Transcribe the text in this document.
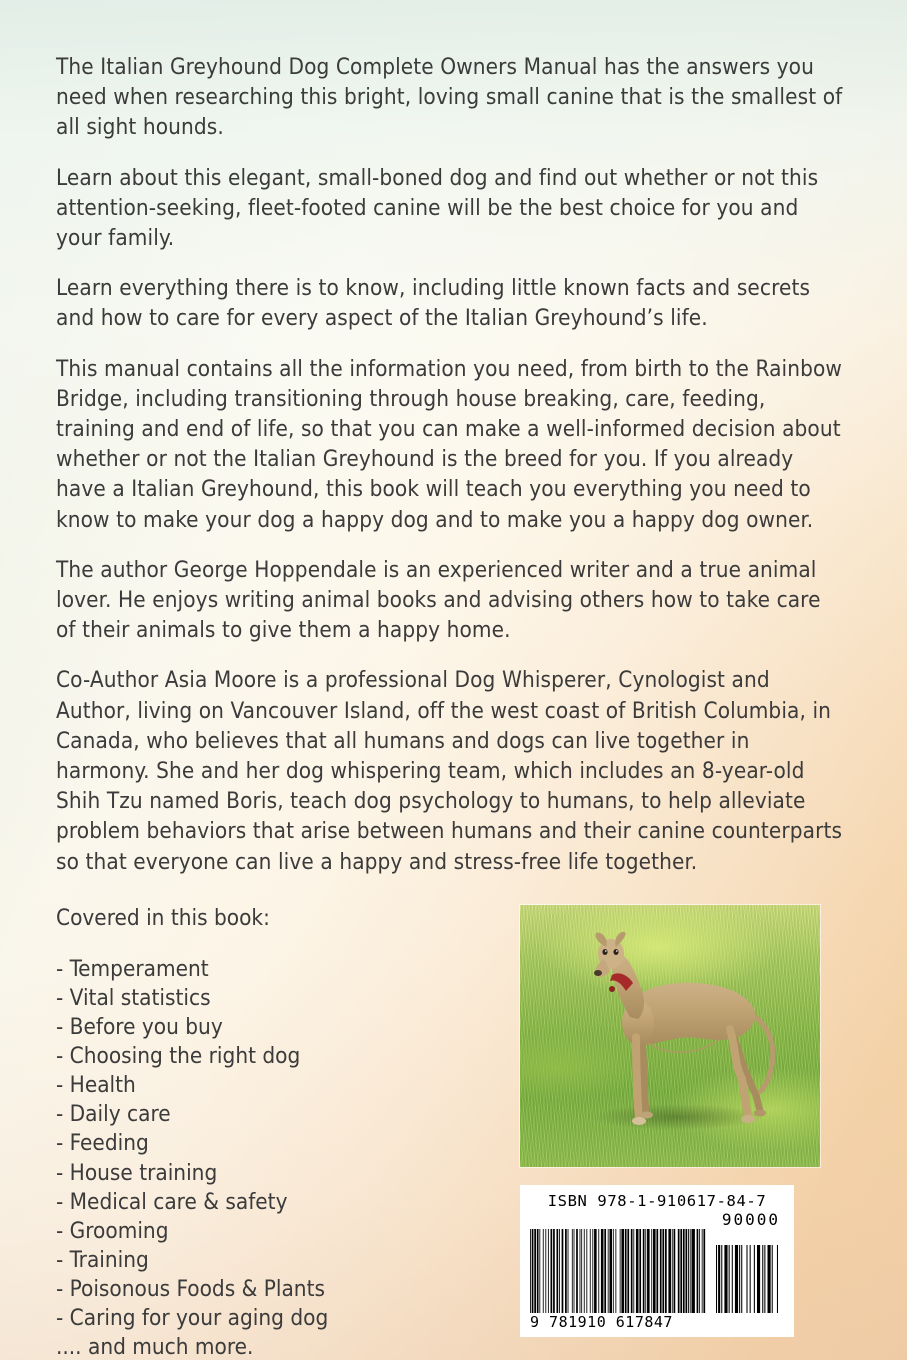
The Italian Greyhound Dog Complete Owners Manual has the answers you need when researching this bright, loving small canine that is the smallest of all sight hounds.

Learn about this elegant, small-boned dog and find out whether or not this attention-seeking, fleet-footed canine will be the best choice for you and your family.

Learn everything there is to know, including little known facts and secrets and how to care for every aspect of the Italian Greyhound’s life.

This manual contains all the information you need, from birth to the Rainbow Bridge, including transitioning through house breaking, care, feeding, training and end of life, so that you can make a well-informed decision about whether or not the Italian Greyhound is the breed for you. If you already have a Italian Greyhound, this book will teach you everything you need to know to make your dog a happy dog and to make you a happy dog owner.

The author George Hoppendale is an experienced writer and a true animal lover. He enjoys writing animal books and advising others how to take care of their animals to give them a happy home.

Co-Author Asia Moore is a professional Dog Whisperer, Cynologist and Author, living on Vancouver Island, off the west coast of British Columbia, in Canada, who believes that all humans and dogs can live together in harmony. She and her dog whispering team, which includes an 8-year-old Shih Tzu named Boris, teach dog psychology to humans, to help alleviate problem behaviors that arise between humans and their canine counterparts so that everyone can live a happy and stress-free life together.

Covered in this book:

- Temperament
- Vital statistics
- Before you buy
- Choosing the right dog
- Health
- Daily care
- Feeding
- House training
- Medical care & safety
- Grooming
- Training
- Poisonous Foods & Plants
- Caring for your aging dog

.... and much more.

ISBN 978-1-910617-84-7
90000
9 781910 617847
